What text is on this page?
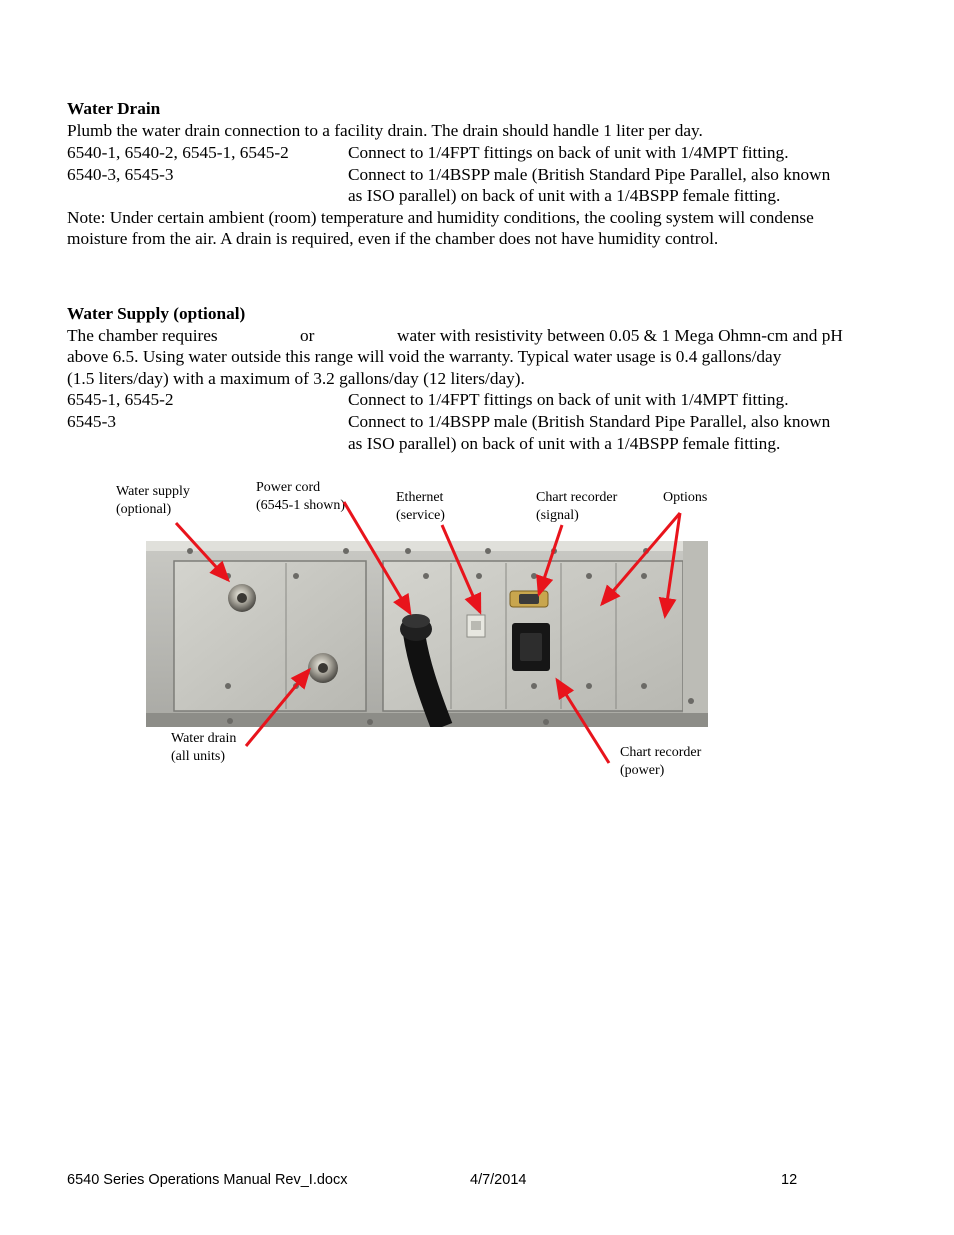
Water Drain
Plumb the water drain connection to a facility drain. The drain should handle 1 liter per day.
6540-1, 6540-2, 6545-1, 6545-2	Connect to 1/4FPT fittings on back of unit with 1/4MPT fitting.
6540-3, 6545-3	Connect to 1/4BSPP male (British Standard Pipe Parallel, also known
as ISO parallel) on back of unit with a 1/4BSPP female fitting.
Note: Under certain ambient (room) temperature and humidity conditions, the cooling system will condense
moisture from the air. A drain is required, even if the chamber does not have humidity control.
Water Supply (optional)
The chamber requires	or	water with resistivity between 0.05 & 1 Mega Ohmn-cm and pH
above 6.5. Using water outside this range will void the warranty. Typical water usage is 0.4 gallons/day
(1.5 liters/day) with a maximum of 3.2 gallons/day (12 liters/day).
6545-1, 6545-2	Connect to 1/4FPT fittings on back of unit with 1/4MPT fitting.
6545-3	Connect to 1/4BSPP male (British Standard Pipe Parallel, also known
as ISO parallel) on back of unit with a 1/4BSPP female fitting.
Water supply
(optional)
Power cord
(6545-1 shown)
Ethernet
(service)
Chart recorder
(signal)
Options
Water drain
(all units)	Chart recorder
(power)
6540 Series Operations Manual Rev_I.docx	4/7/2014	12
